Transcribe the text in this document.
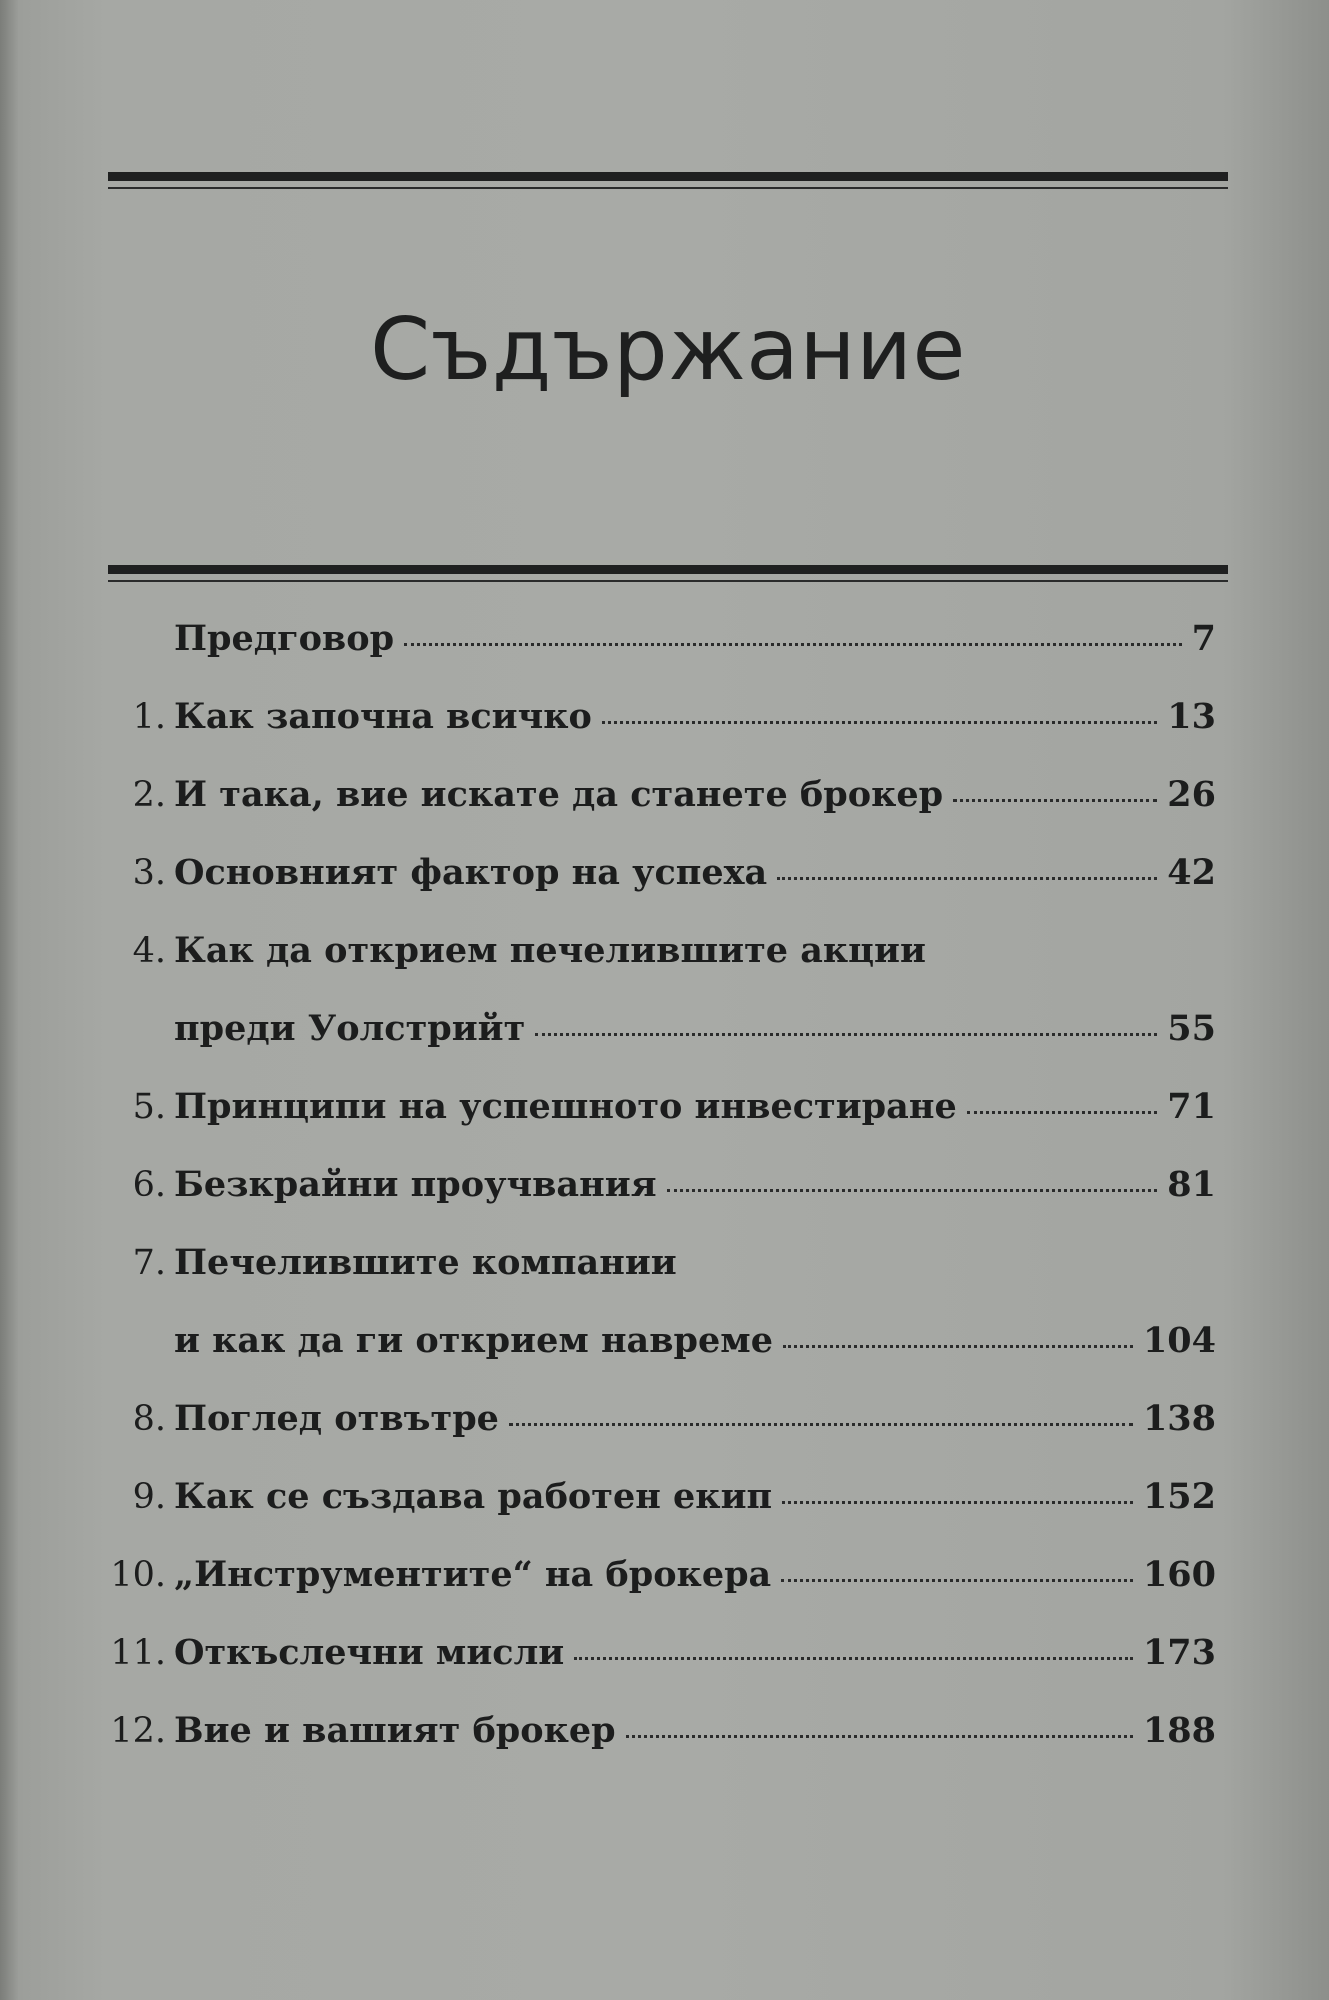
Съдържание
Предговор	7
1. Как започна всичко	13
2. И така, вие искате да станете брокер	26
3. Основният фактор на успеха	42
4. Как да открием печелившите акции
преди Уолстрийт	55
5. Принципи на успешното инвестиране	71
6. Безкрайни проучвания	81
7. Печелившите компании
и как да ги открием навреме	104
8. Поглед отвътре	138
9. Как се създава работен екип	152
10. „Инструментите“ на брокера	160
11. Откъслечни мисли	173
12. Вие и вашият брокер	188
